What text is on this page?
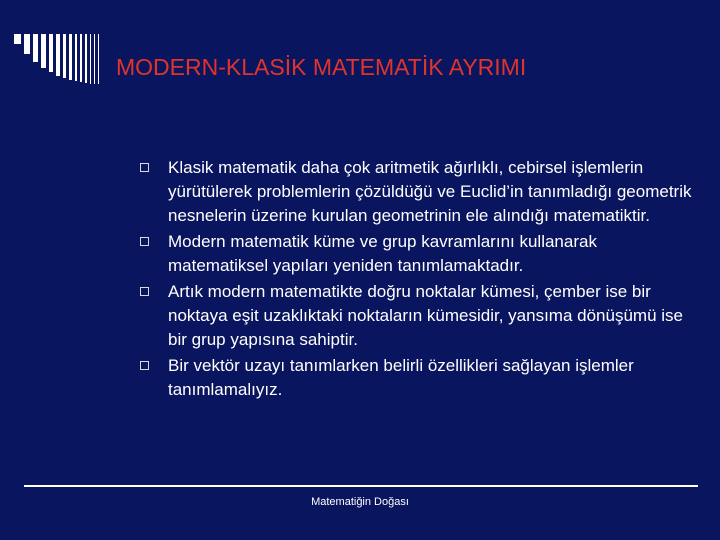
MODERN-KLASİK MATEMATİK AYRIMI
Klasik matematik daha çok aritmetik ağırlıklı, cebirsel işlemlerin yürütülerek problemlerin çözüldüğü ve Euclid’in tanımladığı geometrik nesnelerin üzerine kurulan geometrinin ele alındığı matematiktir.
Modern matematik küme ve grup kavramlarını kullanarak matematiksel yapıları yeniden tanımlamaktadır.
Artık modern matematikte doğru noktalar kümesi, çember ise bir noktaya eşit uzaklıktaki noktaların kümesidir, yansıma dönüşümü ise bir grup yapısına sahiptir.
Bir vektör uzayı tanımlarken belirli özellikleri sağlayan işlemler tanımlamalıyız.
Matematiğin Doğası
